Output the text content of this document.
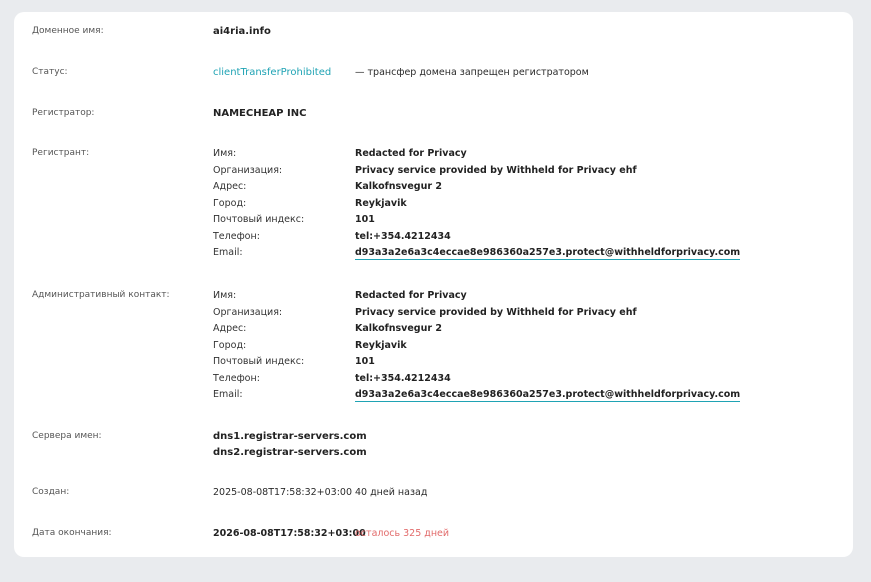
Доменное имя:	ai4ria.info
Статус:	clientTransferProhibited	— трансфер домена запрещен регистратором
Регистратор:	NAMECHEAP INC
Регистрант:	Имя:	Redacted for Privacy
Организация:	Privacy service provided by Withheld for Privacy ehf
Адрес:	Kalkofnsvegur 2
Город:	Reykjavik
Почтовый индекс:	101
Телефон:	tel:+354.4212434
Email:	d93a3a2e6a3c4eccae8e986360a257e3.protect@withheldforprivacy.com
Административный контакт:	Имя:	Redacted for Privacy
Организация:	Privacy service provided by Withheld for Privacy ehf
Адрес:	Kalkofnsvegur 2
Город:	Reykjavik
Почтовый индекс:	101
Телефон:	tel:+354.4212434
Email:	d93a3a2e6a3c4eccae8e986360a257e3.protect@withheldforprivacy.com
Сервера имен:	dns1.registrar-servers.com
dns2.registrar-servers.com
Создан:	2025-08-08T17:58:32+03:00 40 дней назад
Дата окончания:	2026-08-08T17:58:32+03:00
осталось 325 дней
